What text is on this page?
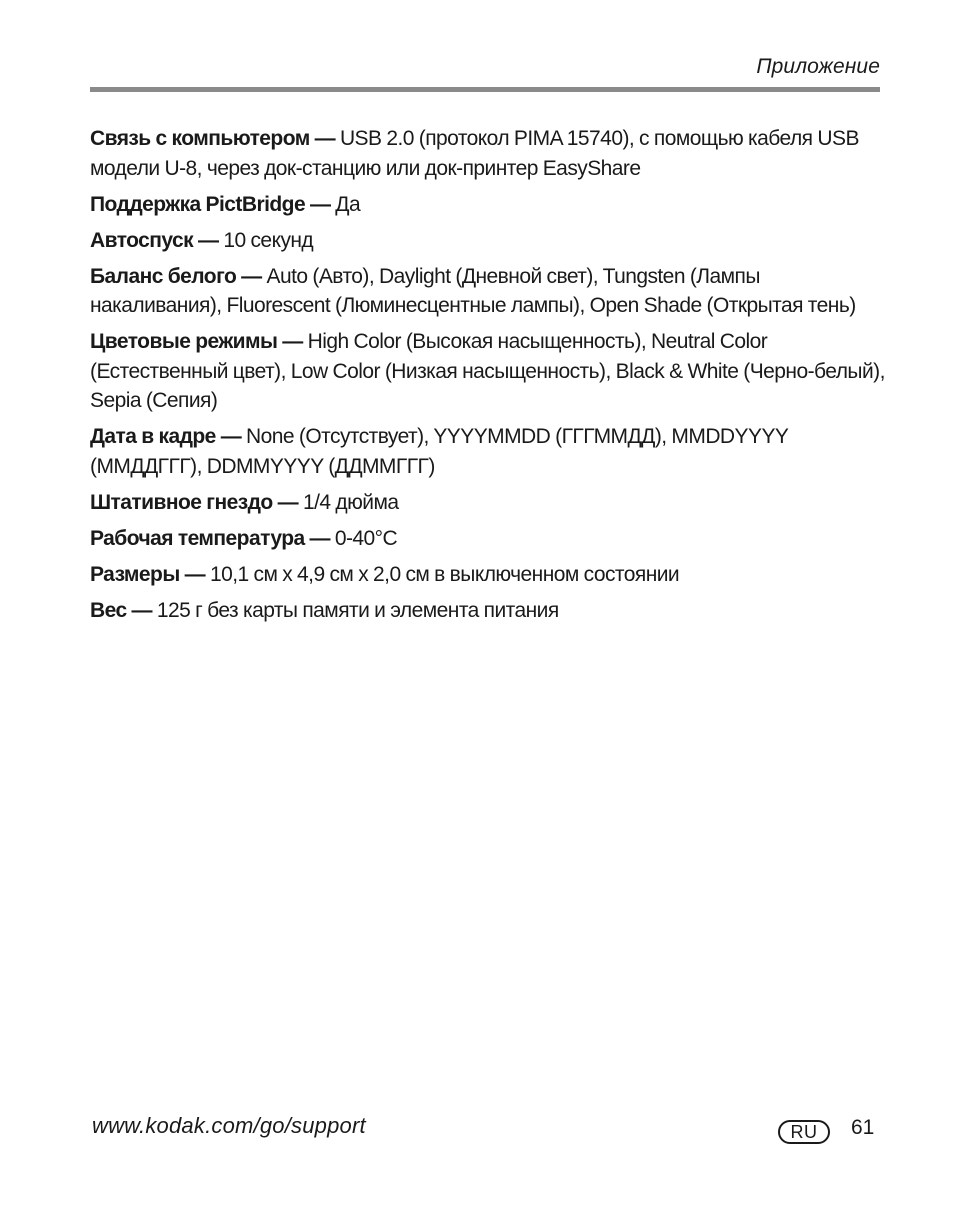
Приложение
Связь с компьютером — USB 2.0 (протокол PIMA 15740), с помощью кабеля USB модели U-8, через док-станцию или док-принтер EasyShare
Поддержка PictBridge — Да
Автоспуск — 10 секунд
Баланс белого — Auto (Авто), Daylight (Дневной свет), Tungsten (Лампы накаливания), Fluorescent (Люминесцентные лампы), Open Shade (Открытая тень)
Цветовые режимы — High Color (Высокая насыщенность), Neutral Color (Естественный цвет), Low Color (Низкая насыщенность), Black & White (Черно-белый), Sepia (Сепия)
Дата в кадре — None (Отсутствует), YYYYMMDD (ГГГММДД), MMDDYYYY (ММДДГГГ), DDMMYYYY (ДДММГГГ)
Штативное гнездо — 1/4 дюйма
Рабочая температура — 0-40°C
Размеры — 10,1 см x 4,9 см x 2,0 см в выключенном состоянии
Вес — 125 г без карты памяти и элемента питания
www.kodak.com/go/support	RU	61
